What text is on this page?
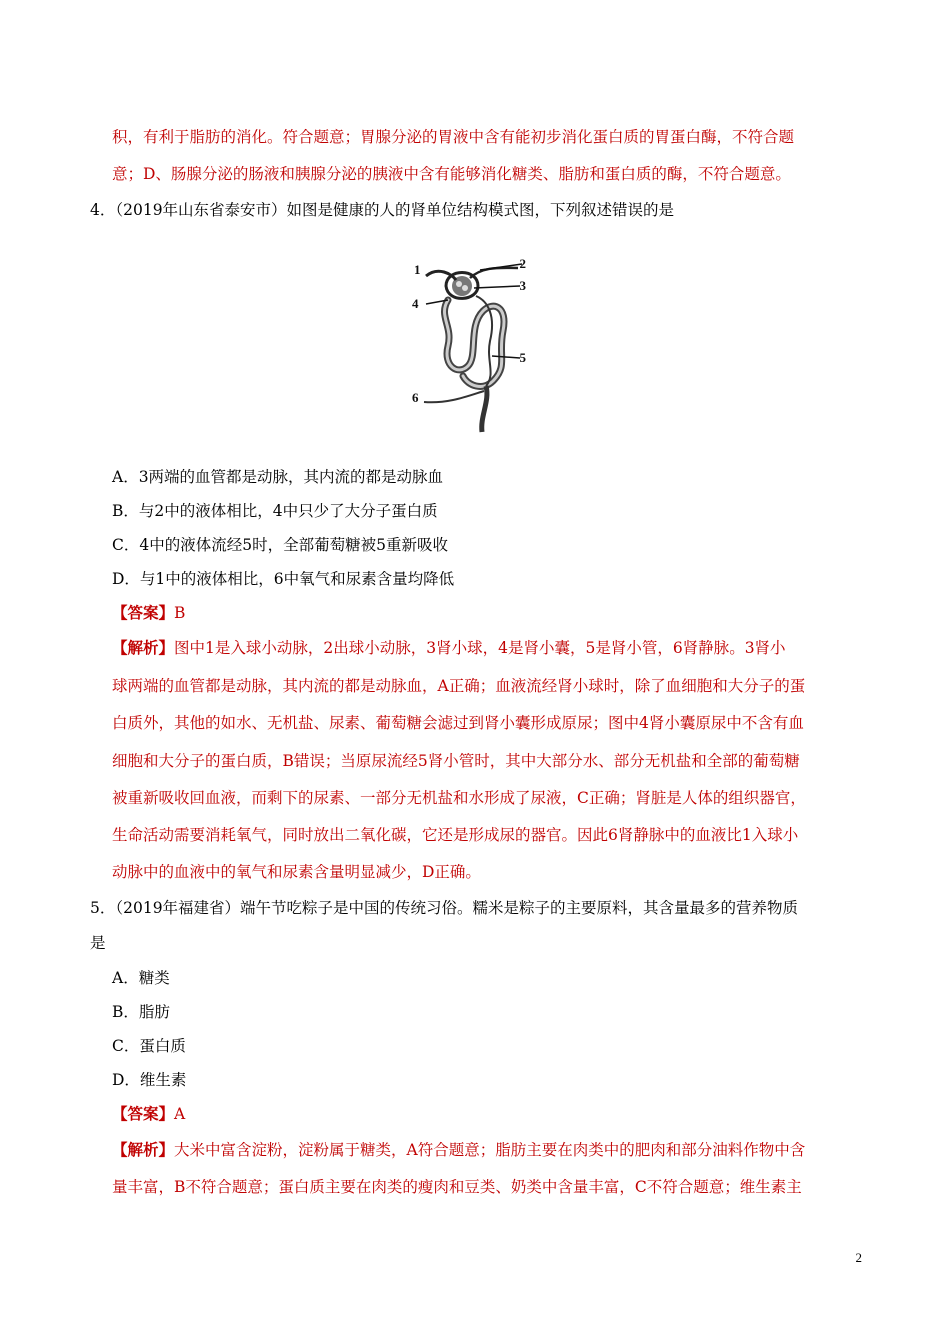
积，有利于脂肪的消化。符合题意；胃腺分泌的胃液中含有能初步消化蛋白质的胃蛋白酶，不符合题
意；D、肠腺分泌的肠液和胰腺分泌的胰液中含有能够消化糖类、脂肪和蛋白质的酶，不符合题意。
4．（2019年山东省泰安市）如图是健康的人的肾单位结构模式图，下列叙述错误的是
1	2
3
4
5
6
A．3两端的血管都是动脉，其内流的都是动脉血
B．与2中的液体相比，4中只少了大分子蛋白质
C．4中的液体流经5时，全部葡萄糖被5重新吸收
D．与1中的液体相比，6中氧气和尿素含量均降低
【答案】B
【解析】图中1是入球小动脉，2出球小动脉，3肾小球，4是肾小囊，5是肾小管，6肾静脉。3肾小
球两端的血管都是动脉，其内流的都是动脉血，A正确；血液流经肾小球时，除了血细胞和大分子的蛋
白质外，其他的如水、无机盐、尿素、葡萄糖会滤过到肾小囊形成原尿；图中4肾小囊原尿中不含有血
细胞和大分子的蛋白质，B错误；当原尿流经5肾小管时，其中大部分水、部分无机盐和全部的葡萄糖
被重新吸收回血液，而剩下的尿素、一部分无机盐和水形成了尿液，C正确；肾脏是人体的组织器官，
生命活动需要消耗氧气，同时放出二氧化碳，它还是形成尿的器官。因此6肾静脉中的血液比1入球小
动脉中的血液中的氧气和尿素含量明显减少，D正确。
5．（2019年福建省）端午节吃粽子是中国的传统习俗。糯米是粽子的主要原料，其含量最多的营养物质
是
A．糖类
B．脂肪
C．蛋白质
D．维生素
【答案】A
【解析】大米中富含淀粉，淀粉属于糖类，A符合题意；脂肪主要在肉类中的肥肉和部分油料作物中含
量丰富，B不符合题意；蛋白质主要在肉类的瘦肉和豆类、奶类中含量丰富，C不符合题意；维生素主
2
